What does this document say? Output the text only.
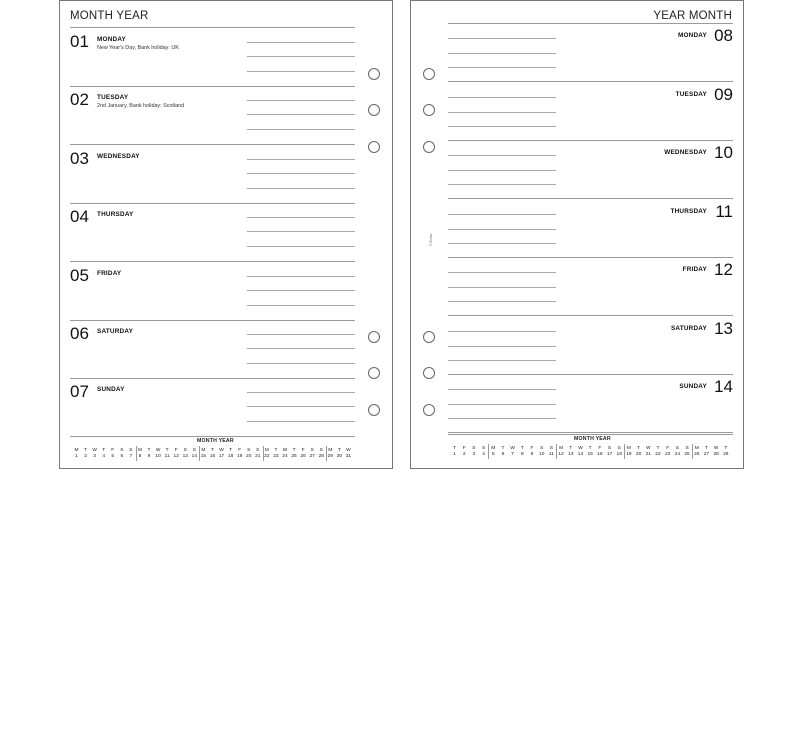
MONTH YEAR
01 MONDAY
New Year's Day, Bank holiday: UK
02 TUESDAY
2nd January. Bank holiday: Scotland
03 WEDNESDAY
04 THURSDAY
05 FRIDAY
06 SATURDAY
07 SUNDAY
MONTH YEAR
M
1
T
2
W
3
T
4
F
5
S
6
S
7
M
8
T
9
W
10
T
11
F
12
S
13
S
14
M
15
T
16
W
17
T
18
F
19
S
20
S
21
M
22
T
23
W
24
T
25
F
26
S
27
S
28
M
29
T
30
W
31
YEAR MONTH
MONDAY 08
TUESDAY 09
WEDNESDAY 10
THURSDAY 11
FRIDAY 12
SATURDAY 13
SUNDAY 14
© filofax
MONTH YEAR
T
1
F
2
S
3
S
4
M
5
T
6
W
7
T
8
F
9
S
10
S
11
M
12
T
13
W
14
T
15
F
16
S
17
S
18
M
19
T
20
W
21
T
22
F
23
S
24
S
25
M
26
T
27
W
28
T
29
